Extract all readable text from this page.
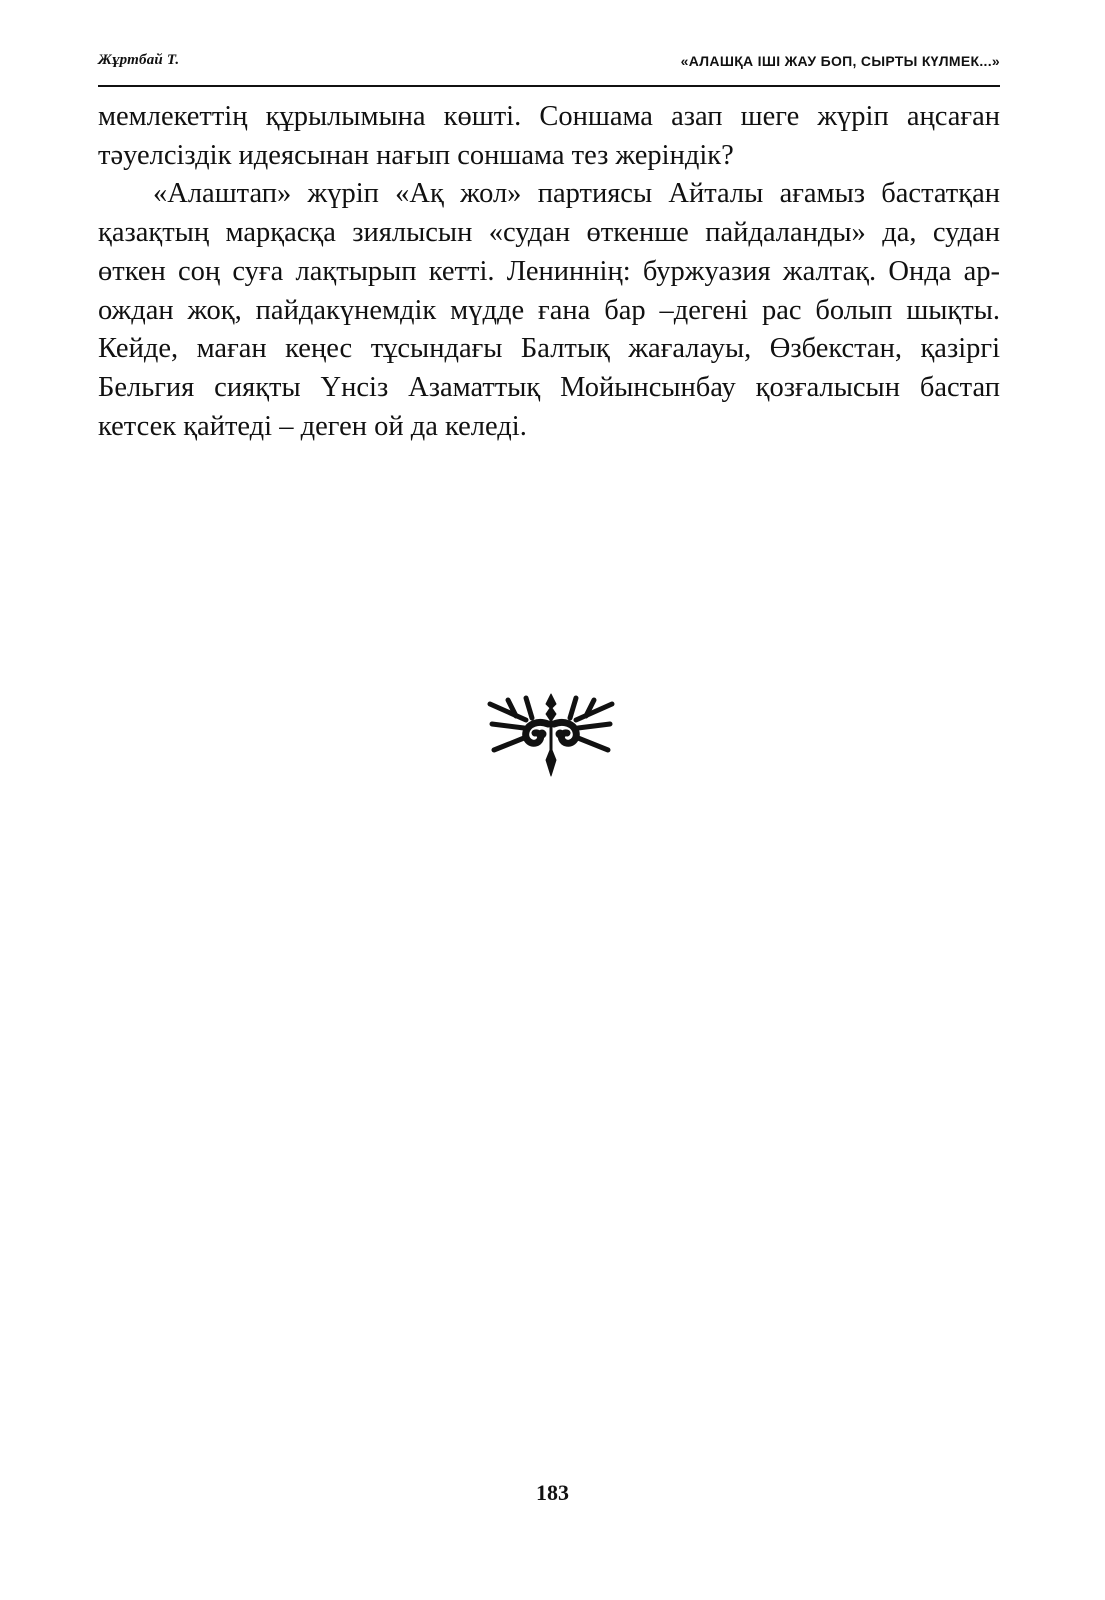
Жұртбай Т.	«АЛАШҚА ІШІ ЖАУ БОП, СЫРТЫ КҮЛМЕК...»

мемлекеттің құрылымына көшті. Соншама азап шеге жүріп аңсаған тәуелсіздік идеясынан нағып соншама тез жеріндік?

«Алаштап» жүріп «Ақ жол» партиясы Айталы ағамыз бастатқан қазақтың марқасқа зиялысын «судан өткенше пайдаланды» да, судан өткен соң суға лақтырып кетті. Лениннің: буржуазия жалтақ. Онда ар-ождан жоқ, пайдакүнемдік мүдде ғана бар –дегені рас болып шықты. Кейде, маған кеңес тұсындағы Балтық жағалауы, Өзбекстан, қазіргі Бельгия сияқты Үнсіз Азаматтық Мойынсынбау қозғалысын бастап кетсек қайтеді – деген ой да келеді.

183
